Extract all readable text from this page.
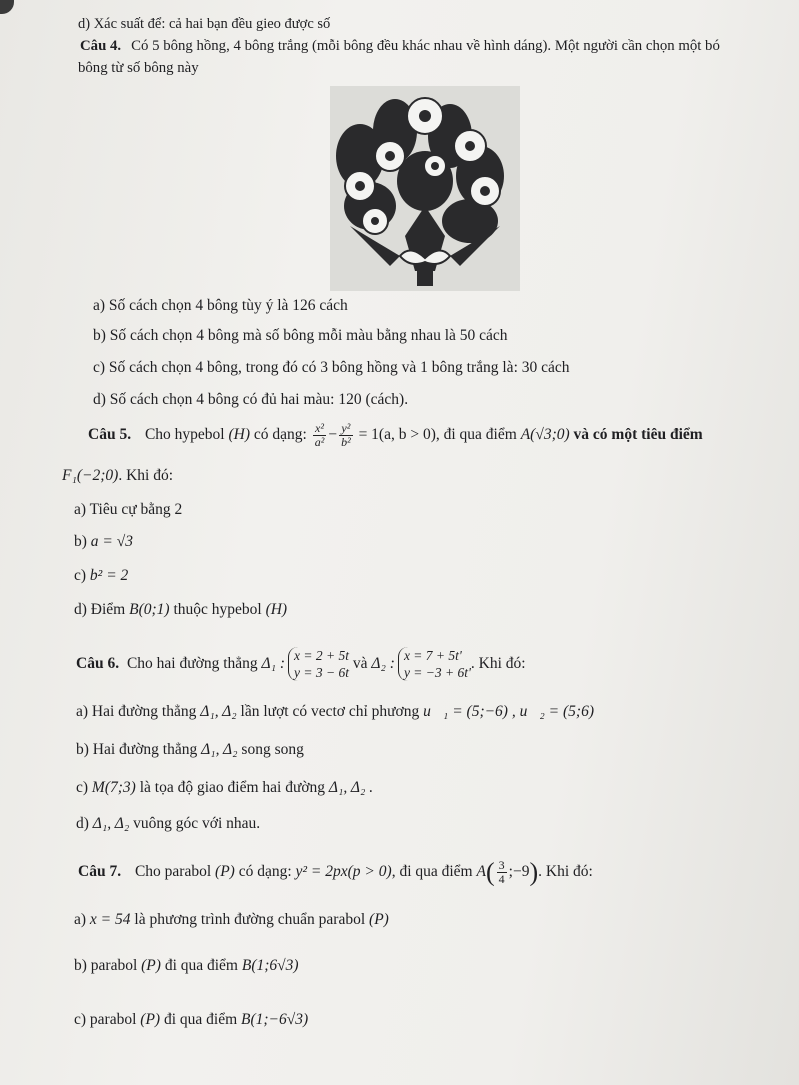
d) Xác suất để: cả hai bạn đều gieo được số
Câu 4. Có 5 bông hồng, 4 bông trắng (mỗi bông đều khác nhau về hình dáng). Một người cần chọn một bó
bông từ số bông này
a) Số cách chọn 4 bông tùy ý là 126 cách
b) Số cách chọn 4 bông mà số bông mỗi màu bằng nhau là 50 cách
c) Số cách chọn 4 bông, trong đó có 3 bông hồng và 1 bông trắng là: 30 cách
d) Số cách chọn 4 bông có đủ hai màu: 120 (cách).
Câu 5. Cho hypebol (H) có dạng: $\frac{\text{x²}}{\text{a²}} - \frac{\text{y²}}{\text{b²}} = 1(a$, b > 0), đi qua điểm A(√3;0) và có một tiêu điểm
F₁(−2;0). Khi đó:
a) Tiêu cự bằng 2
b) a = √3
c) b² = 2
d) Điểm B(0;1) thuộc hypebol (H)
Câu 6. Cho hai đường thẳng Δ₁ : x = 2 + 5t
y = 3 − 6t
và Δ₂ : x = 7 + 5t'
y = −3 + 6t'
. Khi đó:
a) Hai đường thẳng Δ₁, Δ₂ lần lượt có vectơ chỉ phương u⃗₁ = (5;−6) , u⃗₂ = (5;6)
b) Hai đường thẳng Δ₁, Δ₂ song song
c) M(7;3) là tọa độ giao điểm hai đường Δ₁, Δ₂ .
d) Δ₁, Δ₂ vuông góc với nhau.
Câu 7. Cho parabol (P) có dạng: y² = 2px(p > 0), đi qua điểm $A( \frac{3}{4}$ ;−9). Khi đó:
a) x = 54 là phương trình đường chuẩn parabol (P)
b) parabol (P) đi qua điểm B(1;6√3)
c) parabol (P) đi qua điểm B(1;−6√3)
